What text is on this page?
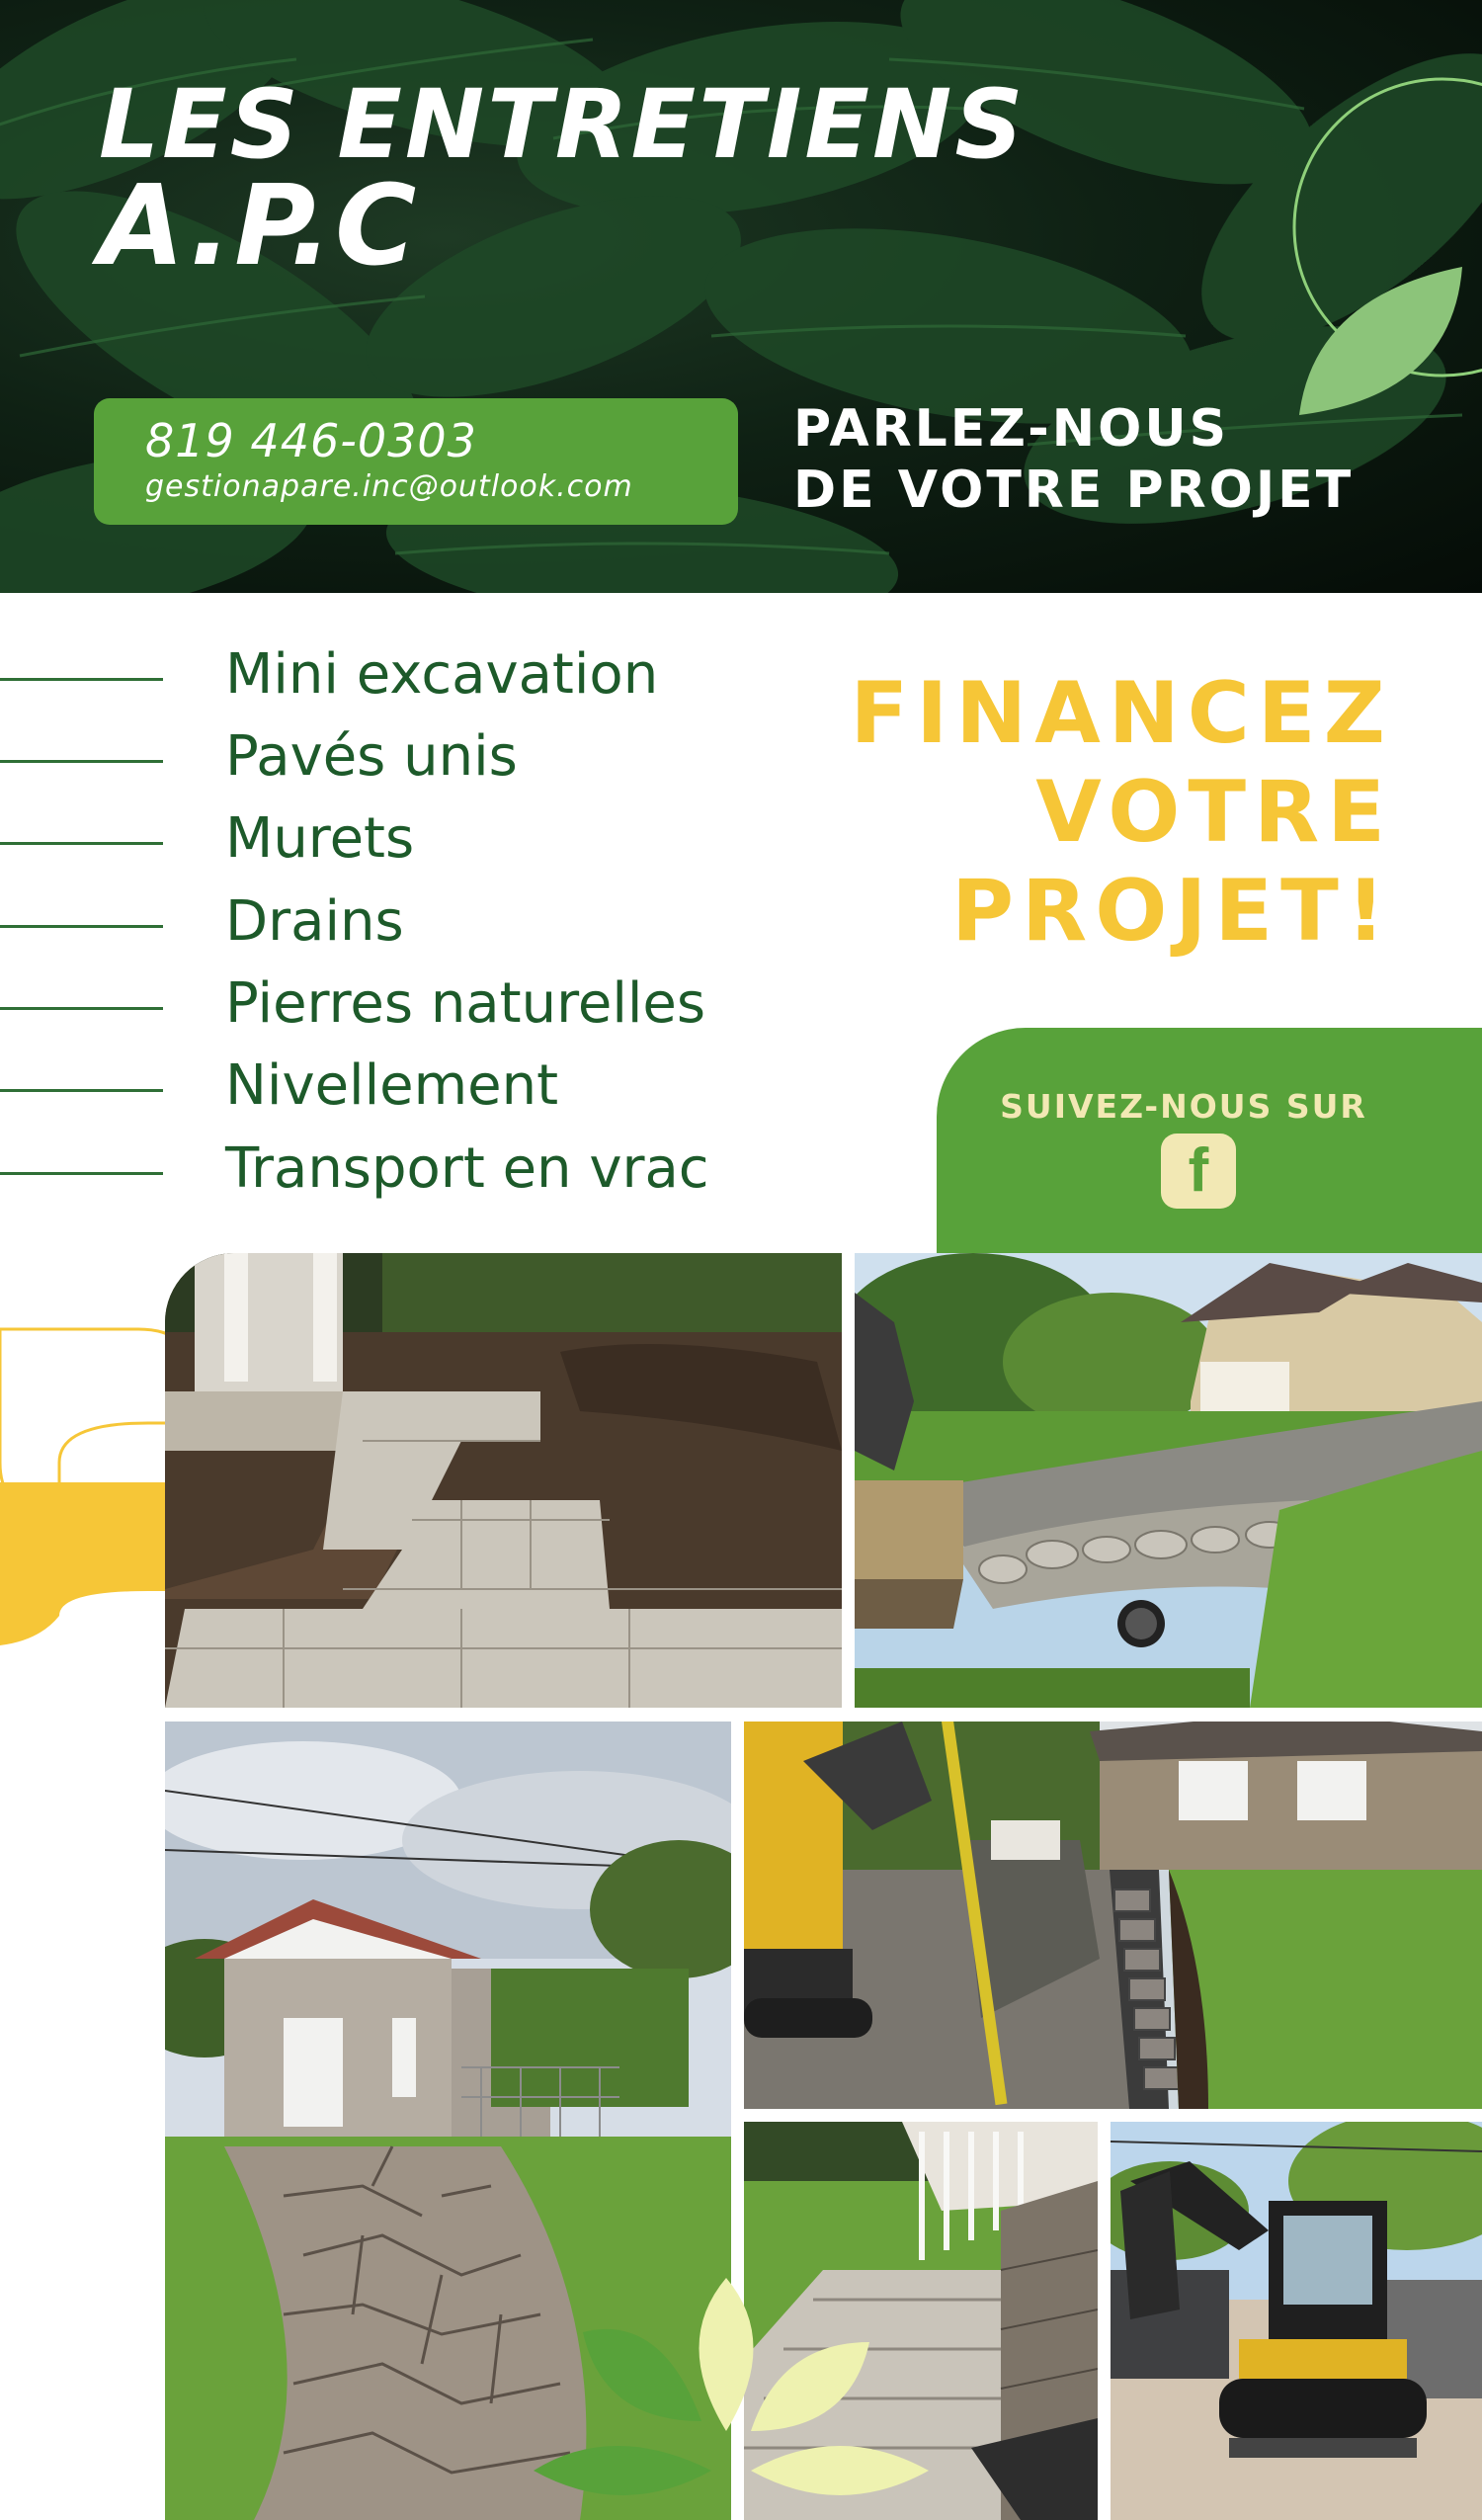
LES ENTRETIENS
A.P.C
819 446-0303
gestionapare.inc@outlook.com
PARLEZ-NOUS
DE VOTRE PROJET
Mini excavation
Pavés unis
Murets
Drains
Pierres naturelles
Nivellement
Transport en vrac
FINANCEZ
VOTRE
PROJET!
SUIVEZ-NOUS SUR
f
